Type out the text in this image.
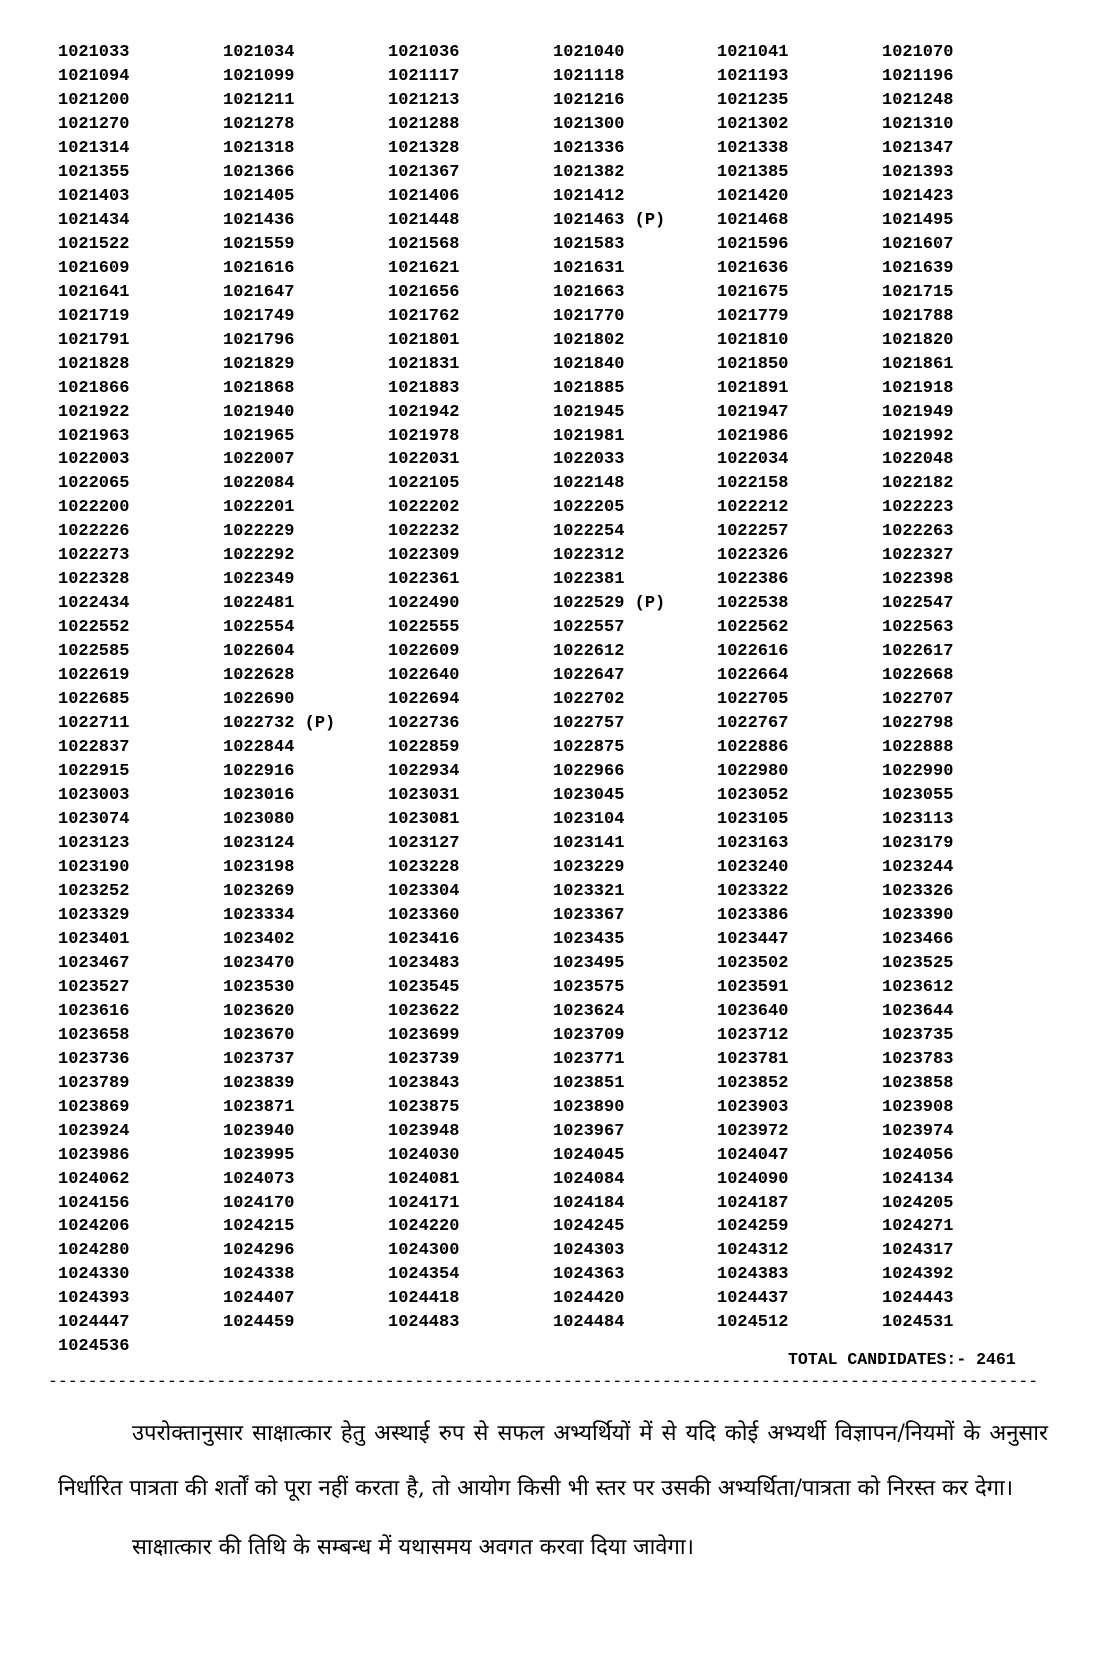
1021033	1021034	1021036	1021040	1021041	1021070
1021094	1021099	1021117	1021118	1021193	1021196
1021200	1021211	1021213	1021216	1021235	1021248
1021270	1021278	1021288	1021300	1021302	1021310
1021314	1021318	1021328	1021336	1021338	1021347
1021355	1021366	1021367	1021382	1021385	1021393
1021403	1021405	1021406	1021412	1021420	1021423
1021434	1021436	1021448	1021463 (P)	1021468	1021495
1021522	1021559	1021568	1021583	1021596	1021607
1021609	1021616	1021621	1021631	1021636	1021639
1021641	1021647	1021656	1021663	1021675	1021715
1021719	1021749	1021762	1021770	1021779	1021788
1021791	1021796	1021801	1021802	1021810	1021820
1021828	1021829	1021831	1021840	1021850	1021861
1021866	1021868	1021883	1021885	1021891	1021918
1021922	1021940	1021942	1021945	1021947	1021949
1021963	1021965	1021978	1021981	1021986	1021992
1022003	1022007	1022031	1022033	1022034	1022048
1022065	1022084	1022105	1022148	1022158	1022182
1022200	1022201	1022202	1022205	1022212	1022223
1022226	1022229	1022232	1022254	1022257	1022263
1022273	1022292	1022309	1022312	1022326	1022327
1022328	1022349	1022361	1022381	1022386	1022398
1022434	1022481	1022490	1022529 (P)	1022538	1022547
1022552	1022554	1022555	1022557	1022562	1022563
1022585	1022604	1022609	1022612	1022616	1022617
1022619	1022628	1022640	1022647	1022664	1022668
1022685	1022690	1022694	1022702	1022705	1022707
1022711	1022732 (P)	1022736	1022757	1022767	1022798
1022837	1022844	1022859	1022875	1022886	1022888
1022915	1022916	1022934	1022966	1022980	1022990
1023003	1023016	1023031	1023045	1023052	1023055
1023074	1023080	1023081	1023104	1023105	1023113
1023123	1023124	1023127	1023141	1023163	1023179
1023190	1023198	1023228	1023229	1023240	1023244
1023252	1023269	1023304	1023321	1023322	1023326
1023329	1023334	1023360	1023367	1023386	1023390
1023401	1023402	1023416	1023435	1023447	1023466
1023467	1023470	1023483	1023495	1023502	1023525
1023527	1023530	1023545	1023575	1023591	1023612
1023616	1023620	1023622	1023624	1023640	1023644
1023658	1023670	1023699	1023709	1023712	1023735
1023736	1023737	1023739	1023771	1023781	1023783
1023789	1023839	1023843	1023851	1023852	1023858
1023869	1023871	1023875	1023890	1023903	1023908
1023924	1023940	1023948	1023967	1023972	1023974
1023986	1023995	1024030	1024045	1024047	1024056
1024062	1024073	1024081	1024084	1024090	1024134
1024156	1024170	1024171	1024184	1024187	1024205
1024206	1024215	1024220	1024245	1024259	1024271
1024280	1024296	1024300	1024303	1024312	1024317
1024330	1024338	1024354	1024363	1024383	1024392
1024393	1024407	1024418	1024420	1024437	1024443
1024447	1024459	1024483	1024484	1024512	1024531
1024536
TOTAL CANDIDATES:- 2461
----------------------------------------------------------------------------------------------------

उपरोक्तानुसार साक्षात्कार हेतु अस्थाई रुप से सफल अभ्यर्थियों में से यदि कोई अभ्यर्थी विज्ञापन/नियमों के अनुसार निर्धारित पात्रता की शर्तों को पूरा नहीं करता है, तो आयोग किसी भी स्तर पर उसकी अभ्यर्थिता/पात्रता को निरस्त कर देगा।

साक्षात्कार की तिथि के सम्बन्ध में यथासमय अवगत करवा दिया जावेगा।
